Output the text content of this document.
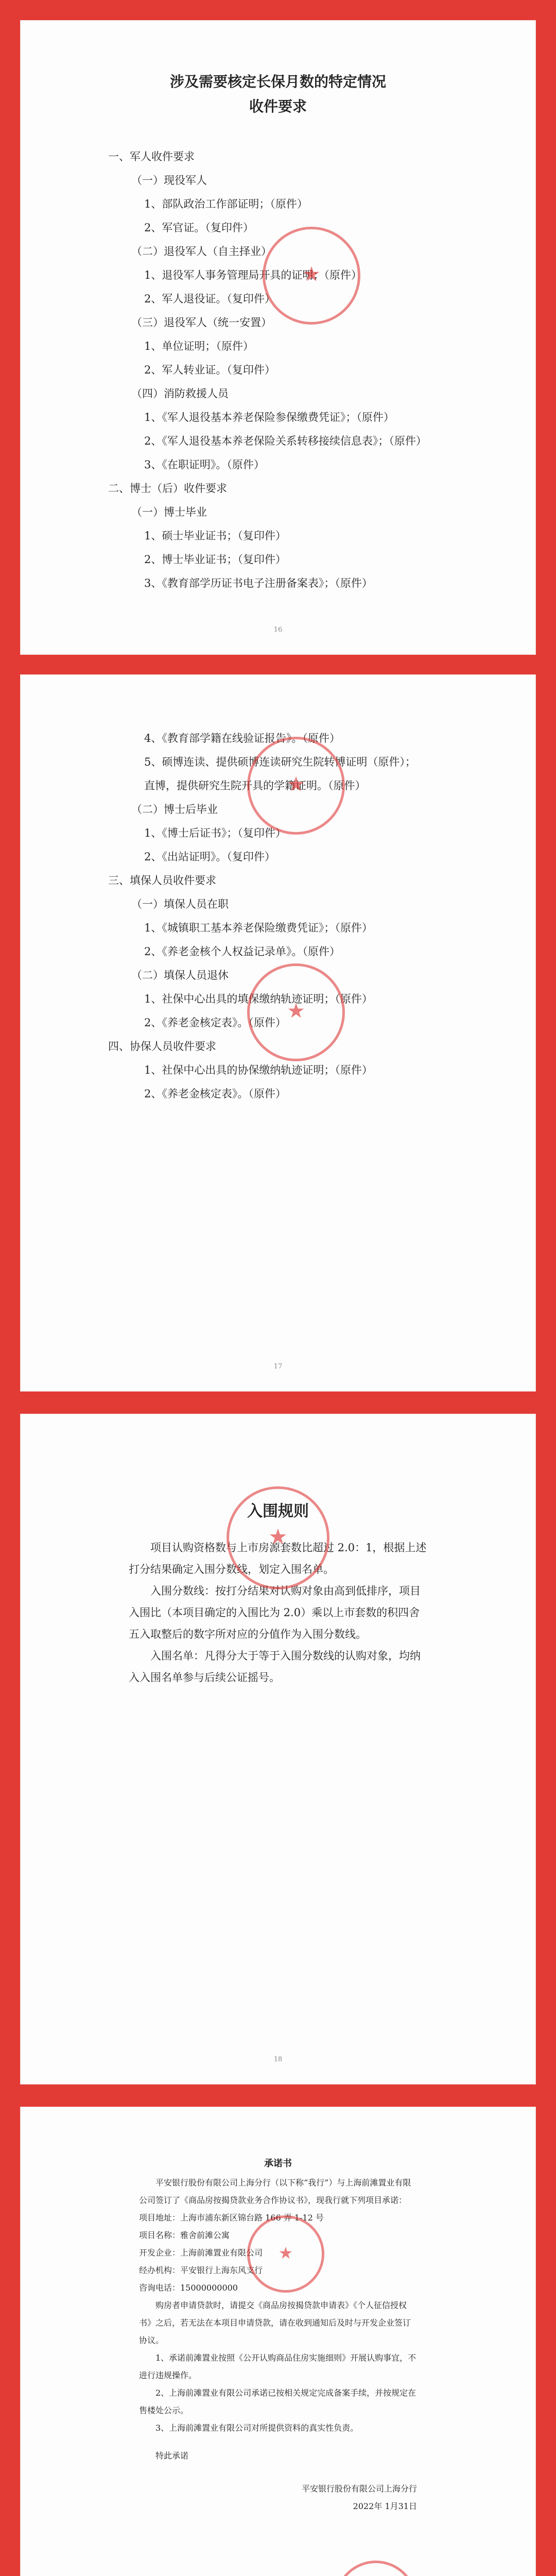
涉及需要核定长保月数的特定情况
收件要求
一、军人收件要求
（一）现役军人
1、部队政治工作部证明；（原件）
2、军官证。（复印件）
（二）退役军人（自主择业）
1、退役军人事务管理局开具的证明；（原件）
2、军人退役证。（复印件）
（三）退役军人（统一安置）
1、单位证明；（原件）
2、军人转业证。（复印件）
（四）消防救援人员
1、《军人退役基本养老保险参保缴费凭证》；（原件）
2、《军人退役基本养老保险关系转移接续信息表》；（原件）
3、《在职证明》。（原件）
二、博士（后）收件要求
（一）博士毕业
1、硕士毕业证书；（复印件）
2、博士毕业证书；（复印件）
3、《教育部学历证书电子注册备案表》；（原件）
★
16
4、《教育部学籍在线验证报告》。（原件）
5、硕博连读、提供硕博连读研究生院转博证明（原件）；
直博，提供研究生院开具的学籍证明。（原件）
（二）博士后毕业
1、《博士后证书》；（复印件）
2、《出站证明》。（复印件）
三、填保人员收件要求
（一）填保人员在职
1、《城镇职工基本养老保险缴费凭证》；（原件）
2、《养老金核个人权益记录单》。（原件）
（二）填保人员退休
1、社保中心出具的填保缴纳轨迹证明；（原件）
2、《养老金核定表》。（原件）
四、协保人员收件要求
1、社保中心出具的协保缴纳轨迹证明；（原件）
2、《养老金核定表》。（原件）
★
★
17
入围规则
项目认购资格数与上市房源套数比超过 2.0：1，根据上述打分结果确定入围分数线，划定入围名单。
入围分数线：按打分结果对认购对象由高到低排序，项目入围比（本项目确定的入围比为 2.0）乘以上市套数的积四舍五入取整后的数字所对应的分值作为入围分数线。
入围名单：凡得分大于等于入围分数线的认购对象，均纳入入围名单参与后续公证摇号。
★
18
承诺书
平安银行股份有限公司上海分行（以下称“我行”）与上海前滩置业有限公司签订了《商品房按揭贷款业务合作协议书》，现我行就下列项目承诺：
项目地址：上海市浦东新区锦台路 166 弄 1-12 号
项目名称：雅舍前滩公寓
开发企业：上海前滩置业有限公司
经办机构：平安银行上海东风支行
咨询电话：15000000000
购房者申请贷款时，请提交《商品房按揭贷款申请表》《个人征信授权书》之后，若无法在本项目申请贷款，请在收到通知后及时与开发企业签订协议。
1、承诺前滩置业按照《公开认购商品住房实施细则》开展认购事宜，不进行违规操作。
2、上海前滩置业有限公司承诺已按相关规定完成备案手续，并按规定在售楼处公示。
3、上海前滩置业有限公司对所提供资料的真实性负责。
特此承诺
平安银行股份有限公司上海分行
2022年 1月31日
★
★
